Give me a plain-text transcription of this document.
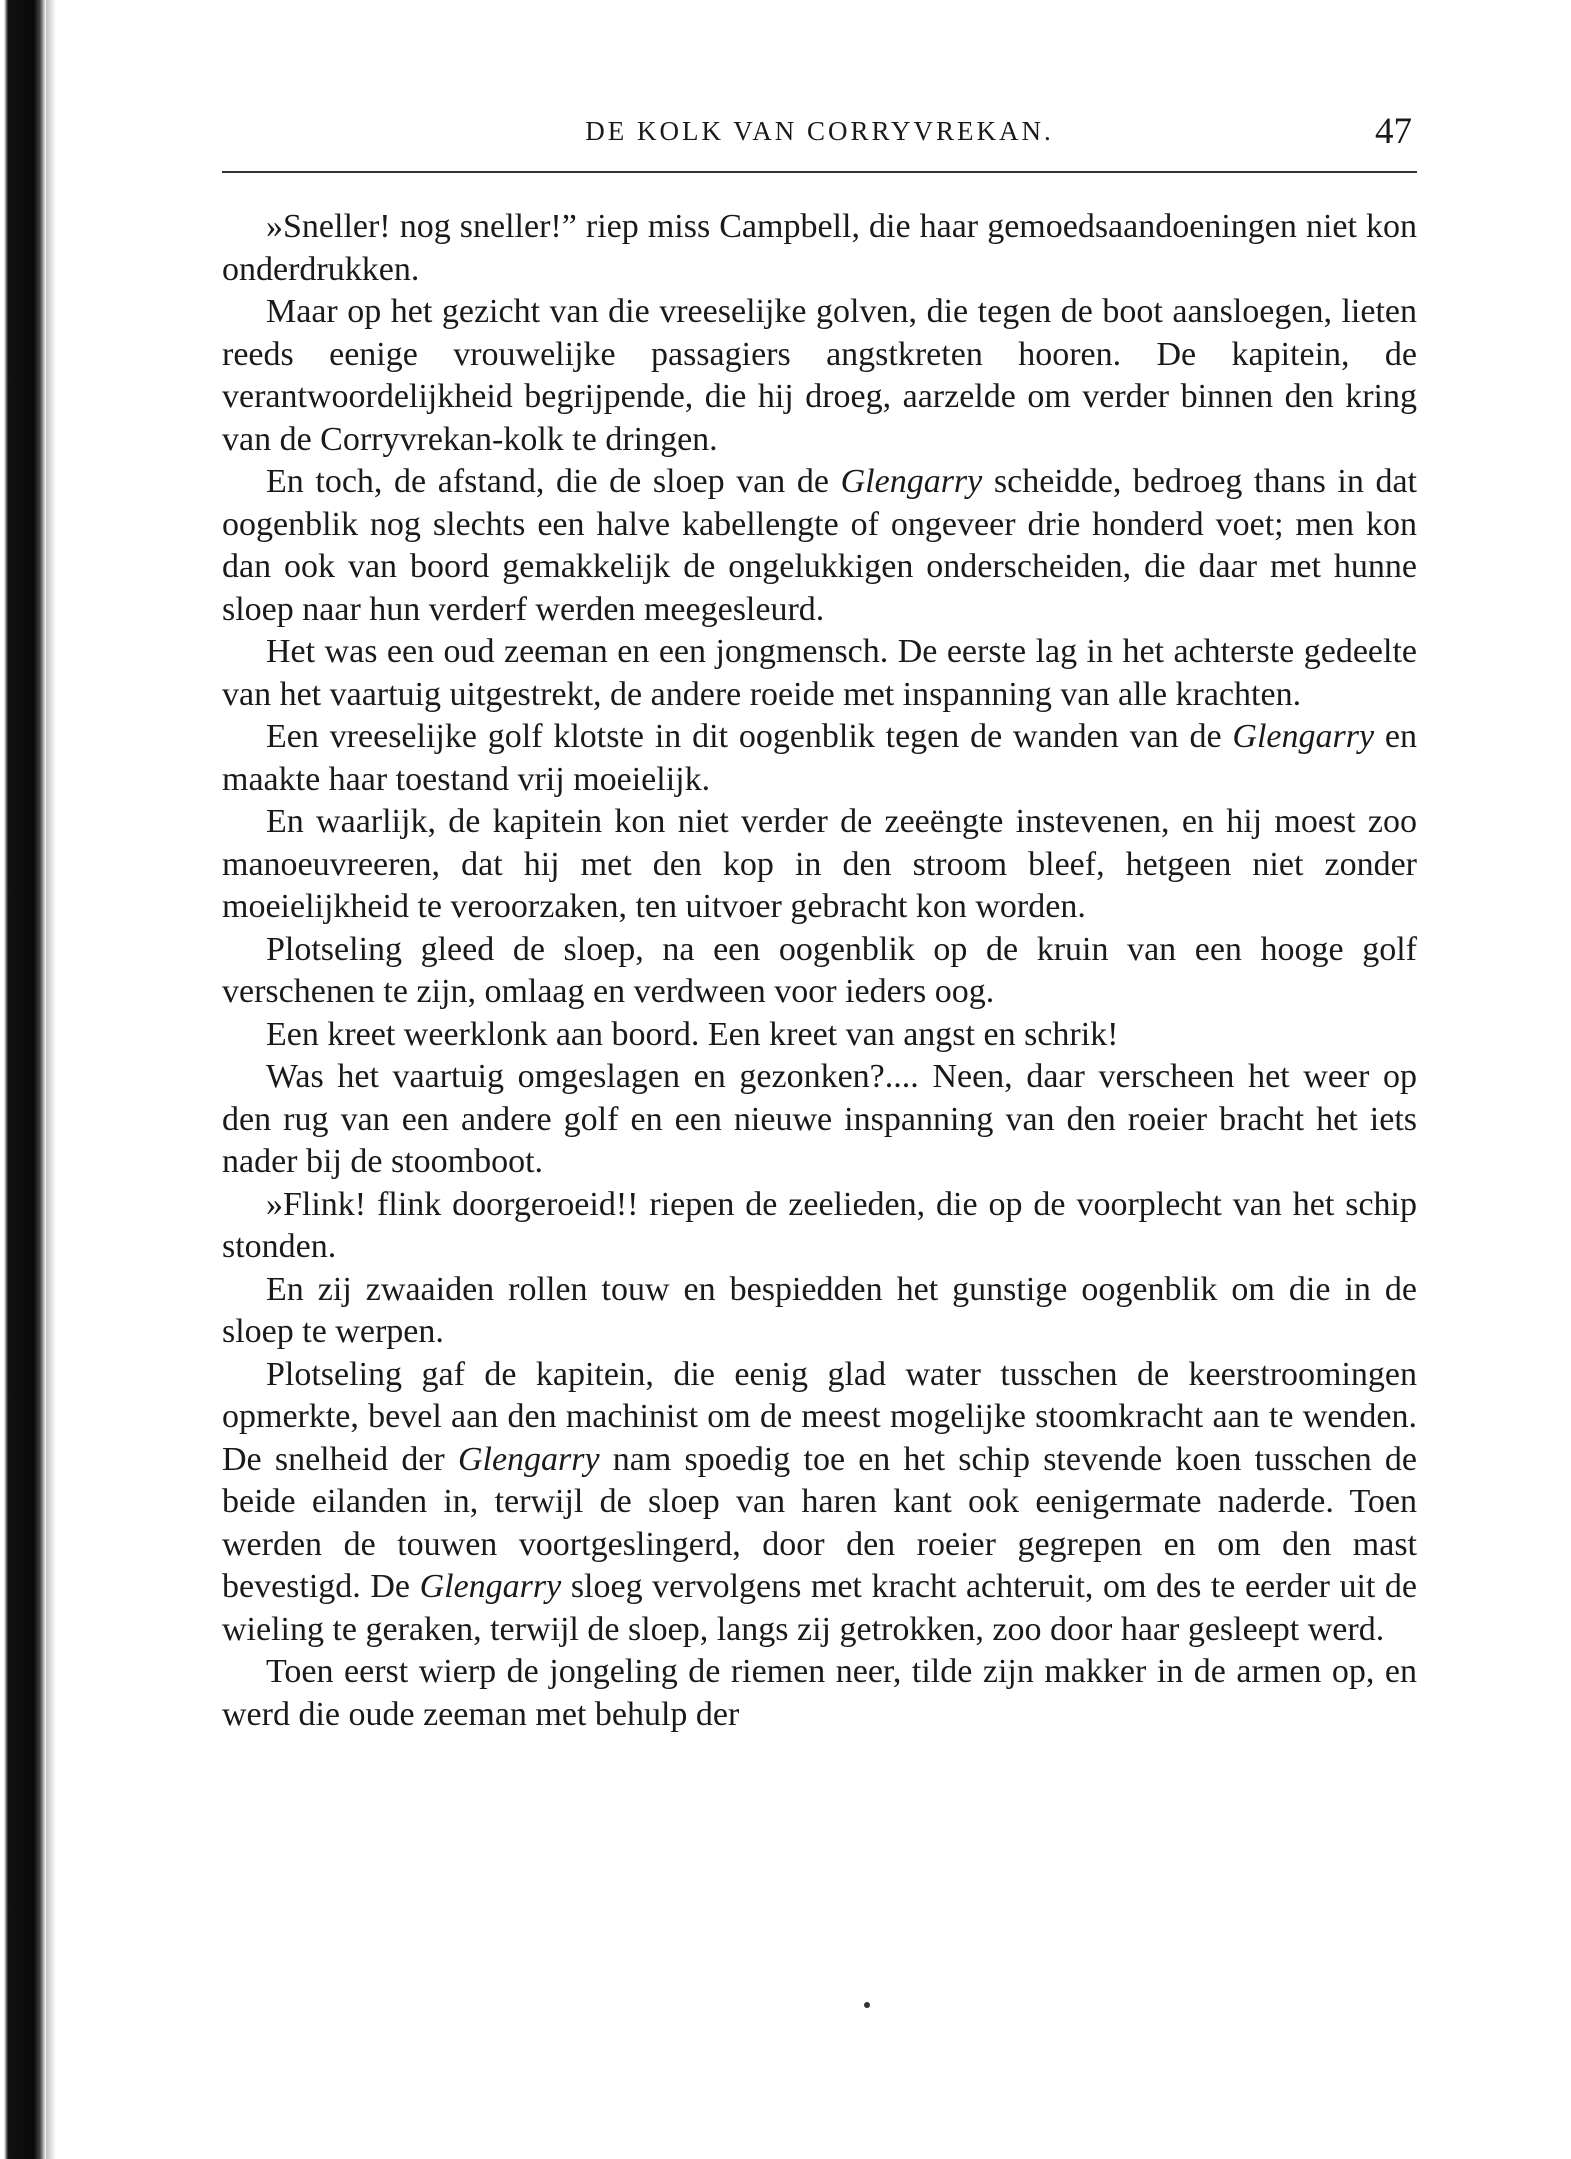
DE KOLK VAN CORRYVREKAN.	47

»Sneller! nog sneller!” riep miss Campbell, die haar gemoedsaandoeningen niet kon onderdrukken.

Maar op het gezicht van die vreeselijke golven, die tegen de boot aansloegen, lieten reeds eenige vrouwelijke passagiers angstkreten hooren. De kapitein, de verantwoordelijkheid begrijpende, die hij droeg, aarzelde om verder binnen den kring van de Corryvrekan-kolk te dringen.

En toch, de afstand, die de sloep van de Glengarry scheidde, bedroeg thans in dat oogenblik nog slechts een halve kabellengte of ongeveer drie honderd voet; men kon dan ook van boord gemakkelijk de ongelukkigen onderscheiden, die daar met hunne sloep naar hun verderf werden meegesleurd.

Het was een oud zeeman en een jongmensch. De eerste lag in het achterste gedeelte van het vaartuig uitgestrekt, de andere roeide met inspanning van alle krachten.

Een vreeselijke golf klotste in dit oogenblik tegen de wanden van de Glengarry en maakte haar toestand vrij moeielijk.

En waarlijk, de kapitein kon niet verder de zeeëngte instevenen, en hij moest zoo manoeuvreeren, dat hij met den kop in den stroom bleef, hetgeen niet zonder moeielijkheid te veroorzaken, ten uitvoer gebracht kon worden.

Plotseling gleed de sloep, na een oogenblik op de kruin van een hooge golf verschenen te zijn, omlaag en verdween voor ieders oog.

Een kreet weerklonk aan boord. Een kreet van angst en schrik!

Was het vaartuig omgeslagen en gezonken?.... Neen, daar verscheen het weer op den rug van een andere golf en een nieuwe inspanning van den roeier bracht het iets nader bij de stoomboot.

»Flink! flink doorgeroeid!! riepen de zeelieden, die op de voorplecht van het schip stonden.

En zij zwaaiden rollen touw en bespiedden het gunstige oogenblik om die in de sloep te werpen.

Plotseling gaf de kapitein, die eenig glad water tusschen de keerstroomingen opmerkte, bevel aan den machinist om de meest mogelijke stoomkracht aan te wenden. De snelheid der Glengarry nam spoedig toe en het schip stevende koen tusschen de beide eilanden in, terwijl de sloep van haren kant ook eenigermate naderde. Toen werden de touwen voortgeslingerd, door den roeier gegrepen en om den mast bevestigd. De Glengarry sloeg vervolgens met kracht achteruit, om des te eerder uit de wieling te geraken, terwijl de sloep, langs zij getrokken, zoo door haar gesleept werd.

Toen eerst wierp de jongeling de riemen neer, tilde zijn makker in de armen op, en werd die oude zeeman met behulp der
